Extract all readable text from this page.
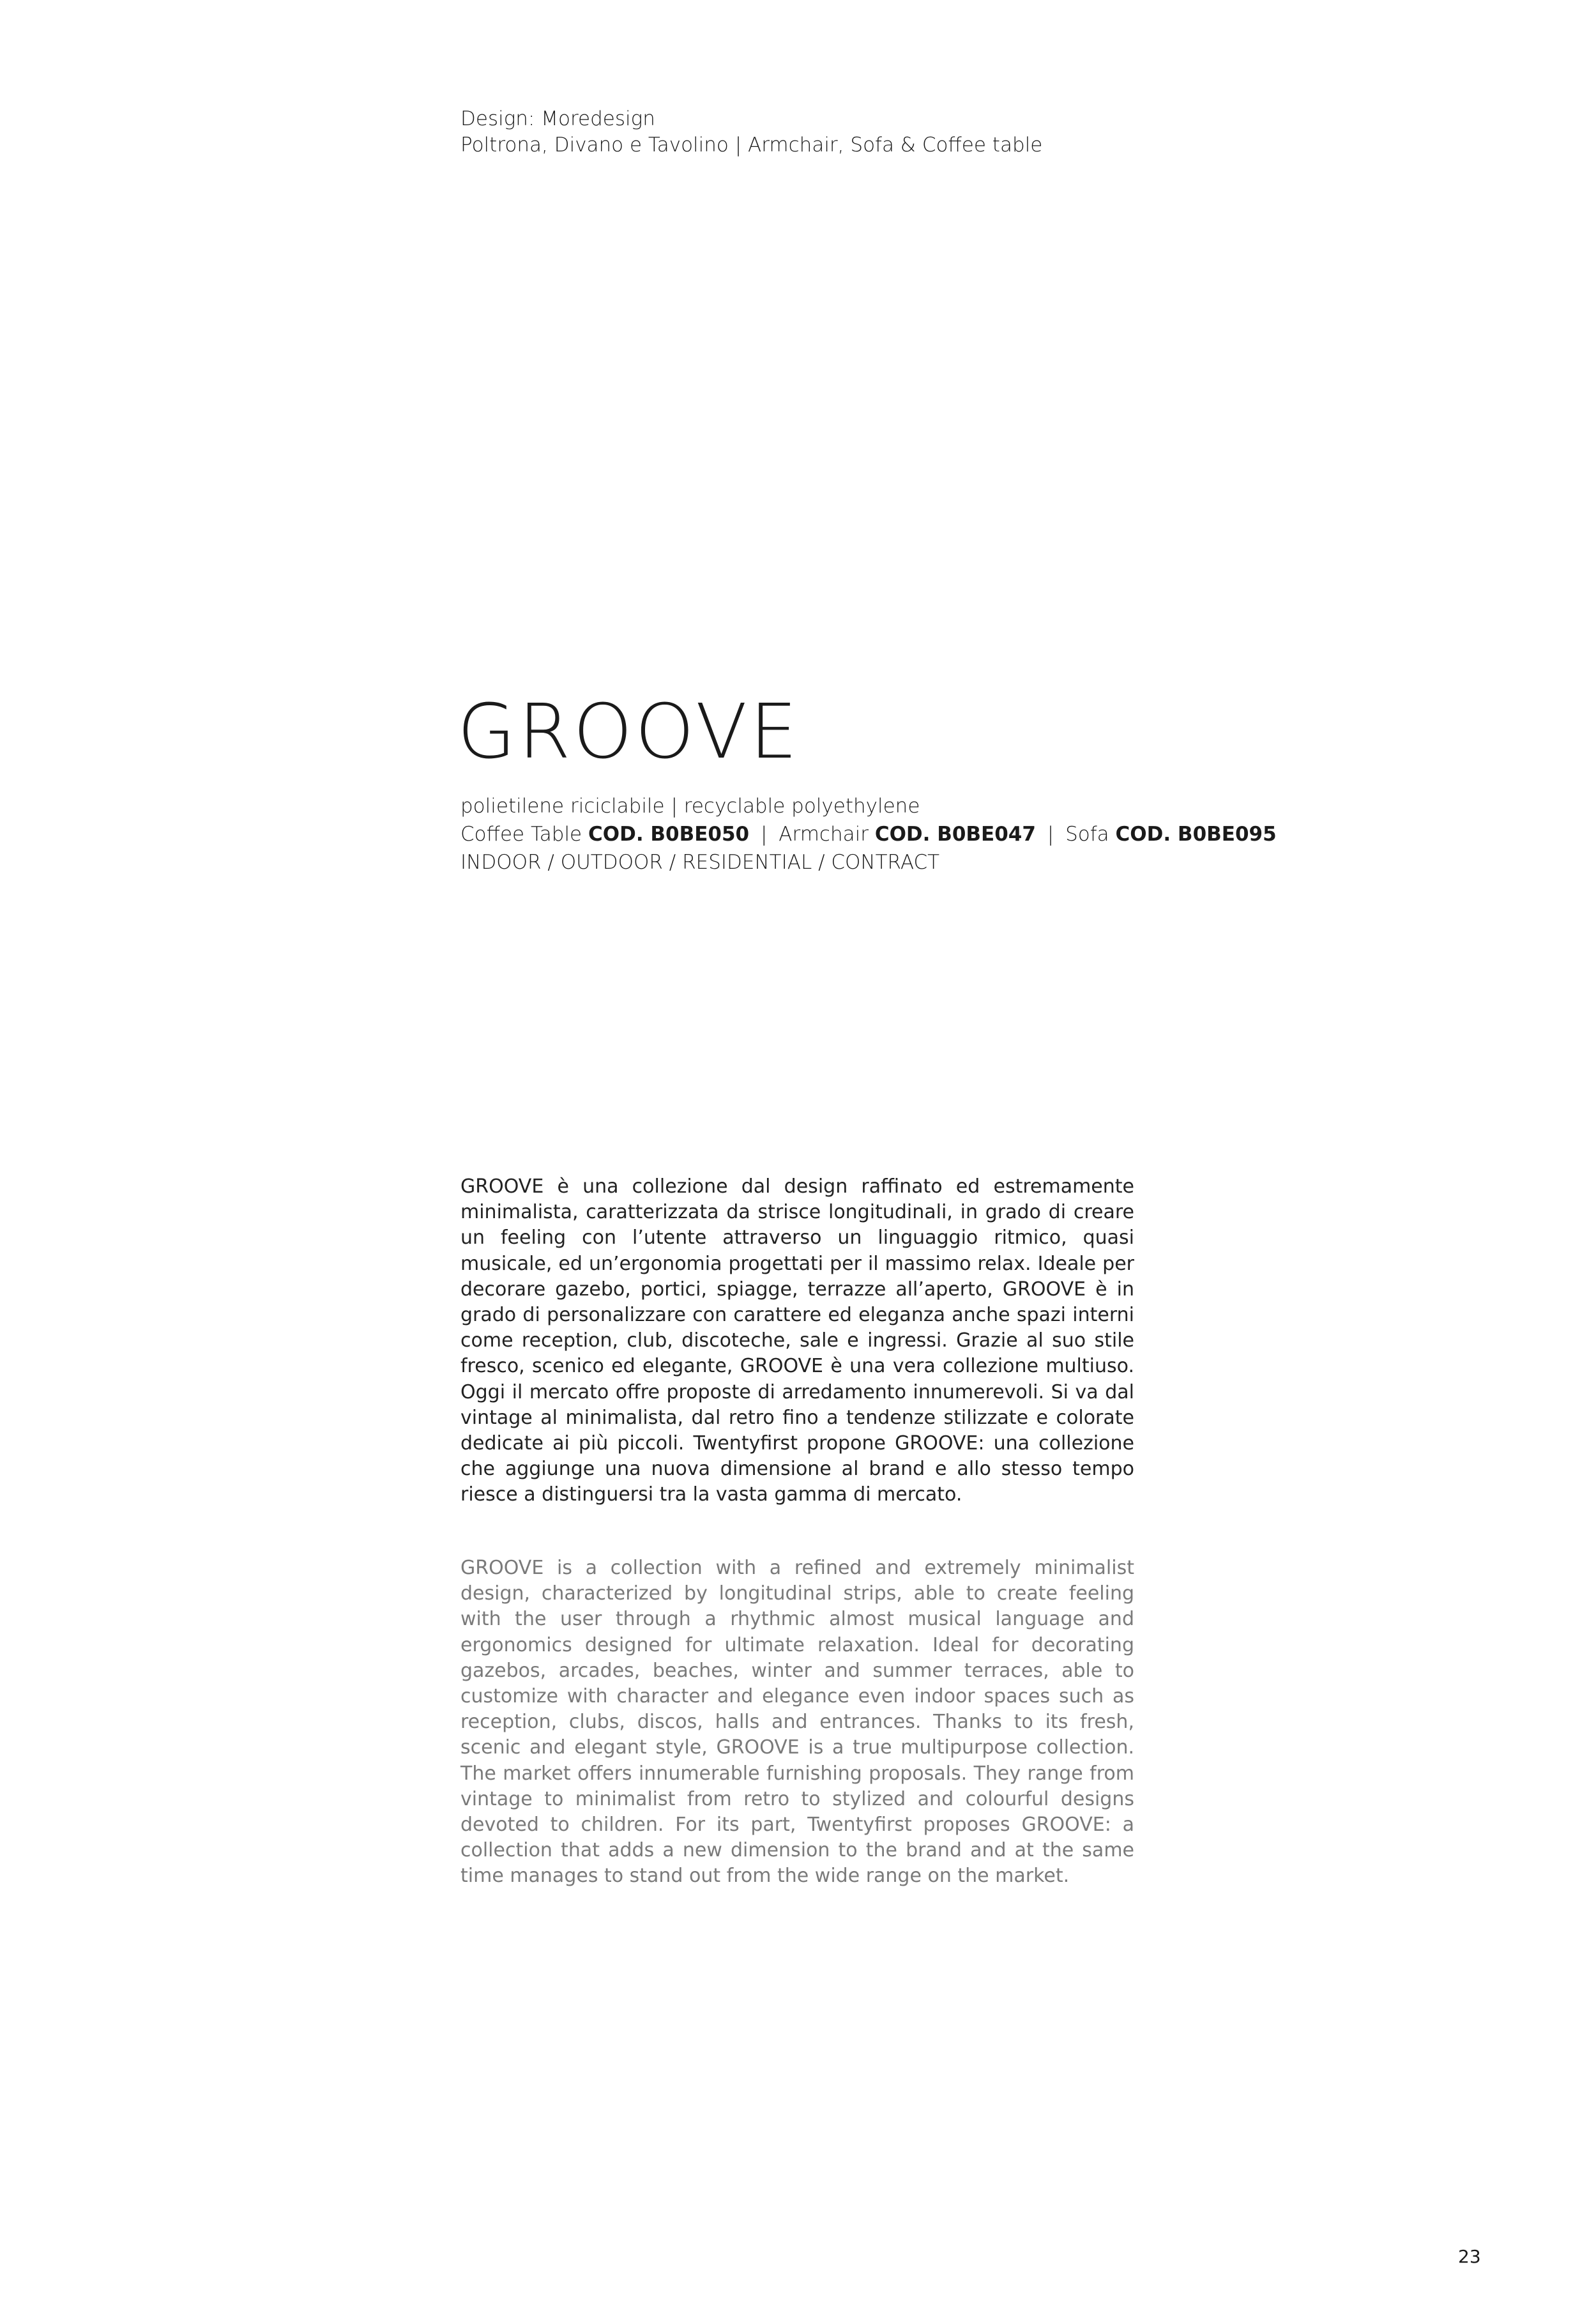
Design: Moredesign
Poltrona, Divano e Tavolino | Armchair, Sofa & Coffee table
GROOVE
polietilene riciclabile | recyclable polyethylene
Coffee Table COD. B0BE050 | Armchair COD. B0BE047 | Sofa COD. B0BE095
INDOOR / OUTDOOR / RESIDENTIAL / CONTRACT

GROOVE è una collezione dal design raffinato ed estremamente minimalista, caratterizzata da strisce longitudinali, in grado di creare un feeling con l’utente attraverso un linguaggio ritmico, quasi musicale, ed un’ergonomia progettati per il massimo relax. Ideale per decorare gazebo, portici, spiagge, terrazze all’aperto, GROOVE è in grado di personalizzare con carattere ed eleganza anche spazi interni come reception, club, discoteche, sale e ingressi. Grazie al suo stile fresco, scenico ed elegante, GROOVE è una vera collezione multiuso. Oggi il mercato offre proposte di arredamento innumerevoli. Si va dal vintage al minimalista, dal retro fino a tendenze stilizzate e colorate dedicate ai più piccoli. Twentyfirst propone GROOVE: una collezione che aggiunge una nuova dimensione al brand e allo stesso tempo riesce a distinguersi tra la vasta gamma di mercato.

GROOVE is a collection with a refined and extremely minimalist design, characterized by longitudinal strips, able to create feeling with the user through a rhythmic almost musical language and ergonomics designed for ultimate relaxation. Ideal for decorating gazebos, arcades, beaches, winter and summer terraces, able to customize with character and elegance even indoor spaces such as reception, clubs, discos, halls and entrances. Thanks to its fresh, scenic and elegant style, GROOVE is a true multipurpose collection. The market offers innumerable furnishing proposals. They range from vintage to minimalist from retro to stylized and colourful designs devoted to children. For its part, Twentyfirst proposes GROOVE: a collection that adds a new dimension to the brand and at the same time manages to stand out from the wide range on the market.

23
